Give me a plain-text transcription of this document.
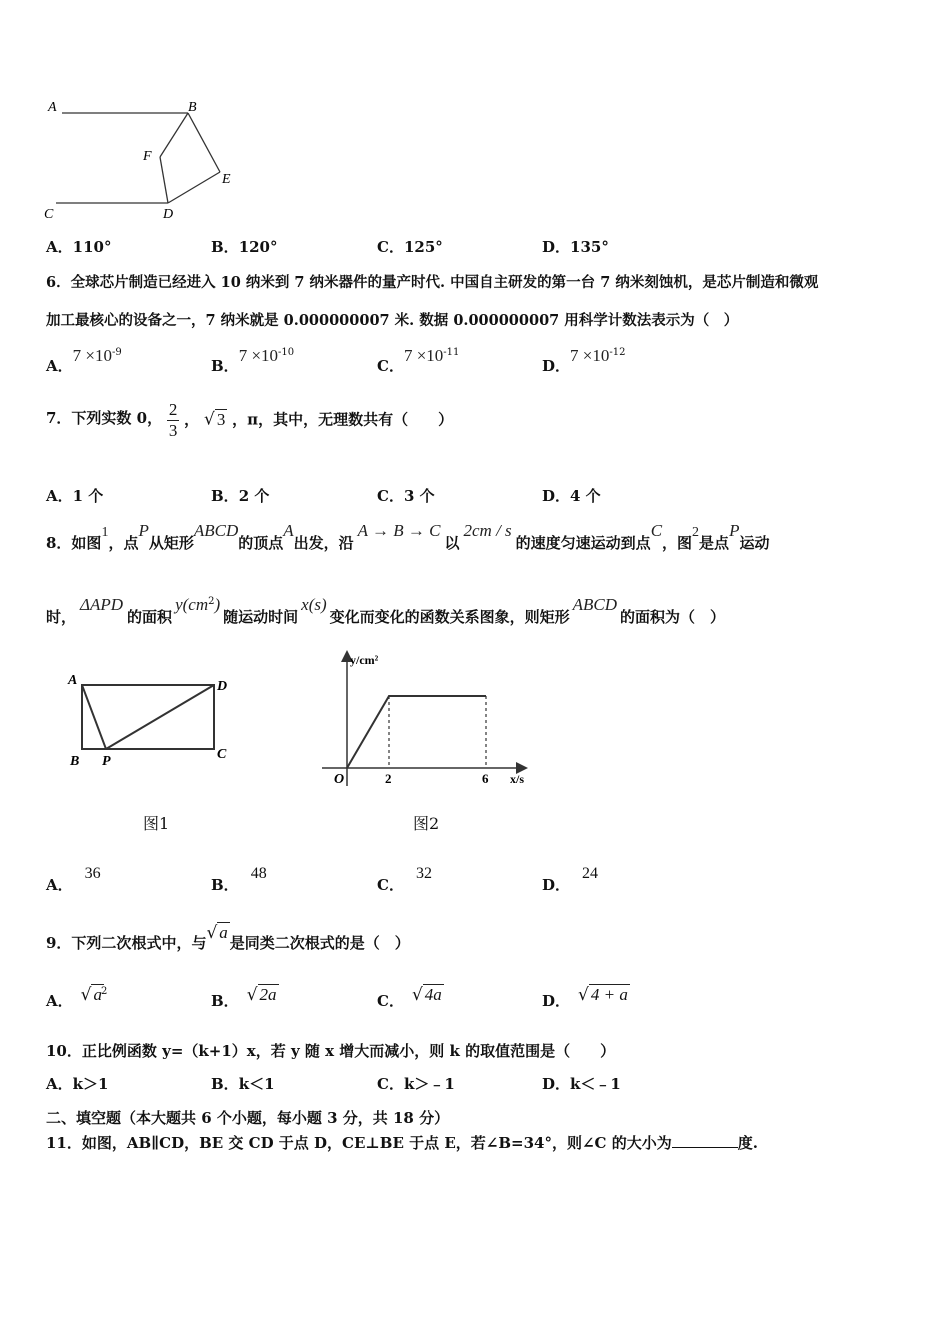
A	B
F
E
C	D
A．110°	B．120°	C．125°	D．135°
6．全球芯片制造已经进入 10 纳米到 7 纳米器件的量产时代. 中国自主研发的第一台 7 纳米刻蚀机，是芯片制造和微观
加工最核心的设备之一，7 纳米就是 0.000000007 米. 数据 0.000000007 用科学计数法表示为（　）
A．$7 \times 10^{-9}$
B．$7 \times 10^{-10}$
C．$7 \times 10^{-11}$
D．$7 \times 10^{-12}$
7．下列实数 0， $\frac{2}{3}$ ， √ 3 ，π，其中，无理数共有（　　）
A．1 个	B．2 个	C．3 个	D．4 个
8．如图1，点P从矩形ABCD的顶点A出发，沿A → B → C以2cm / s的速度匀速运动到点C，图2是点P运动
时，ΔAPD的面积$y(cm^2)$随运动时间x(s)变化而变化的函数关系图象，则矩形ABCD的面积为（　）
A	D
B P	C
图1
y/cm²
O	2	6 x/s
图2
A．36
B．48
C．32
D．24
9．下列二次根式中，与√ a是同类二次根式的是（　）
A． √ $a^2$
B． √ 2a	C． √ 4a	D． √ 4 + a
10．正比例函数 y=（k+1）x，若 y 随 x 增大而减小，则 k 的取值范围是（　　）
A．k＞1	B．k＜1	C．k＞﹣1	D．k＜﹣1
二、填空题（本大题共 6 个小题，每小题 3 分，共 18 分）
11．如图，AB∥CD，BE 交 CD 于点 D，CE⊥BE 于点 E，若∠B=34°，则∠C 的大小为	度.
